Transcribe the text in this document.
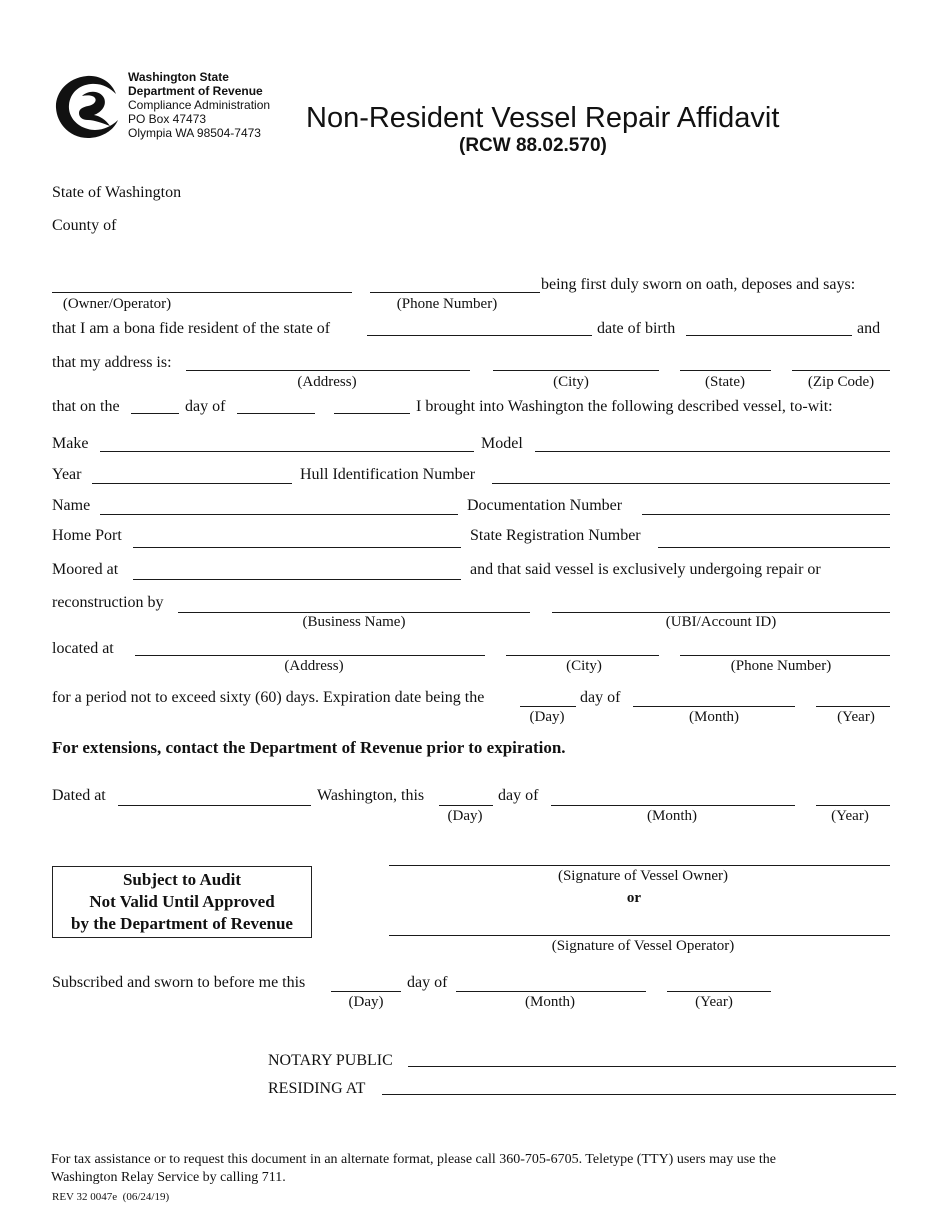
Washington State
Department of Revenue
Compliance Administration
PO Box 47473
Olympia WA 98504-7473	Non-Resident Vessel Repair Affidavit
(RCW 88.02.570)
State of Washington
County of
being first duly sworn on oath, deposes and says:
(Owner/Operator)	(Phone Number)
that I am a bona fide resident of the state of	date of birth	and
that my address is:
(Address)	(City)	(State)	(Zip Code)
that on the	day of	I brought into Washington the following described vessel, to-wit:
Make	Model
Year	Hull Identification Number
Name	Documentation Number
Home Port	State Registration Number
Moored at	and that said vessel is exclusively undergoing repair or
reconstruction by
(Business Name)	(UBI/Account ID)
located at
(Address)	(City)	(Phone Number)
for a period not to exceed sixty (60) days. Expiration date being the	day of
(Day)	(Month)	(Year)
For extensions, contact the Department of Revenue prior to expiration.
Dated at	Washington, this	day of
(Day)	(Month)	(Year)
Subject to Audit
Not Valid Until Approved
by the Department of Revenue
(Signature of Vessel Owner)
or
(Signature of Vessel Operator)
Subscribed and sworn to before me this	day of
(Day)	(Month)	(Year)
NOTARY PUBLIC
RESIDING AT
For tax assistance or to request this document in an alternate format, please call 360-705-6705. Teletype (TTY) users may use the
Washington Relay Service by calling 711.
REV 32 0047e  (06/24/19)
